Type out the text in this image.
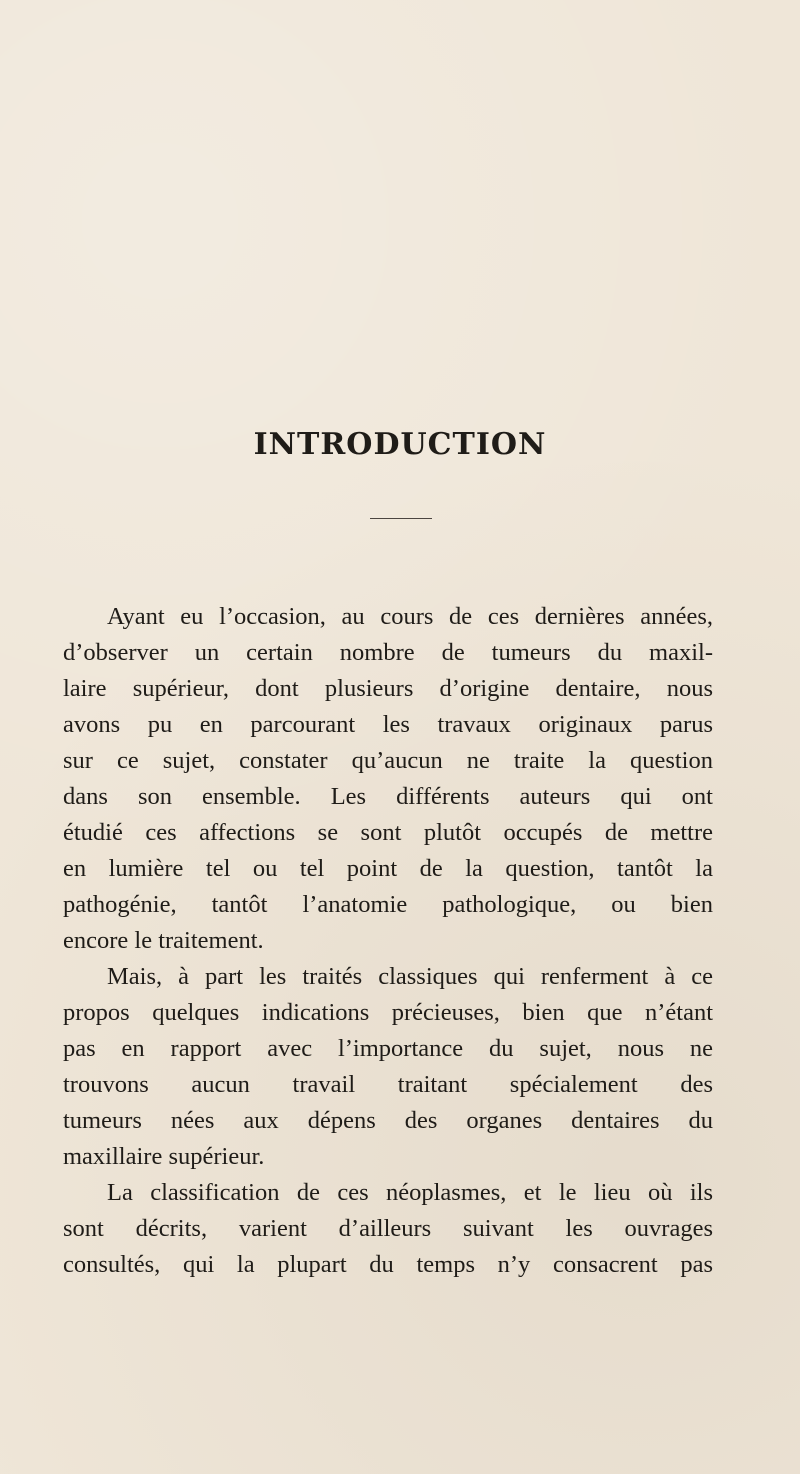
INTRODUCTION
Ayant eu l’occasion, au cours de ces dernières années,
d’observer un certain nombre de tumeurs du maxil-
laire supérieur, dont plusieurs d’origine dentaire, nous
avons pu en parcourant les travaux originaux parus
sur ce sujet, constater qu’aucun ne traite la question
dans son ensemble. Les différents auteurs qui ont
étudié ces affections se sont plutôt occupés de mettre
en lumière tel ou tel point de la question, tantôt la
pathogénie, tantôt l’anatomie pathologique, ou bien
encore le traitement.
Mais, à part les traités classiques qui renferment à ce
propos quelques indications précieuses, bien que n’étant
pas en rapport avec l’importance du sujet, nous ne
trouvons aucun travail traitant spécialement des
tumeurs nées aux dépens des organes dentaires du
maxillaire supérieur.
La classification de ces néoplasmes, et le lieu où ils
sont décrits, varient d’ailleurs suivant les ouvrages
consultés, qui la plupart du temps n’y consacrent pas
